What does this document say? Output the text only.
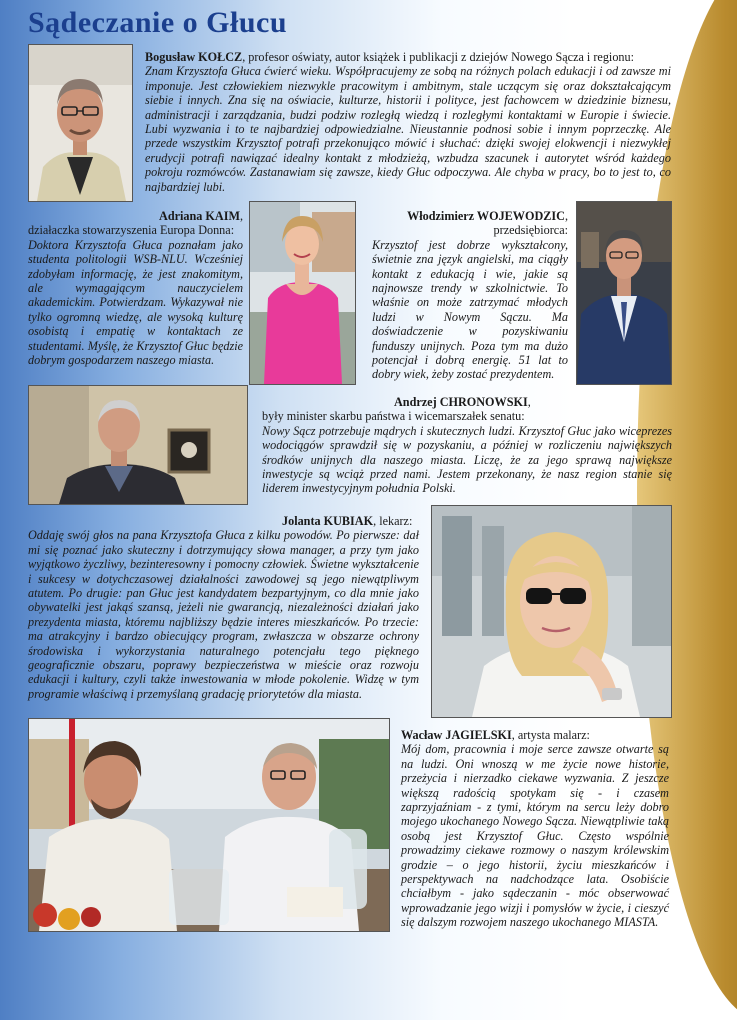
Sądeczanie o Głucu

Bogusław KOŁCZ, profesor oświaty, autor książek i publikacji z dziejów Nowego Sącza i regionu:

Znam Krzysztofa Głuca ćwierć wieku. Współpracujemy ze sobą na różnych polach edukacji i od zawsze mi imponuje. Jest człowiekiem niezwykle pracowitym i ambitnym, stale uczącym się oraz dokształcającym siebie i innych. Zna się na oświacie, kulturze, historii i polityce, jest fachowcem w dziedzinie biznesu, administracji i zarządzania, budzi podziw rozległą wiedzą i rozległymi kontaktami w Europie i świecie. Lubi wyzwania i to te najbardziej odpowiedzialne. Nieustannie podnosi sobie i innym poprzeczkę. Ale przede wszystkim Krzysztof potrafi przekonująco mówić i słuchać: dzięki swojej elokwencji i niezwykłej erudycji potrafi nawiązać idealny kontakt z młodzieżą, wzbudza szacunek i autorytet wśród każdego pokroju rozmówców. Zastanawiam się zawsze, kiedy Głuc odpoczywa. Ale chyba w pracy, bo to jest to, co najbardziej lubi.

Adriana KAIM,

działaczka stowarzyszenia Europa Donna:

Doktora Krzysztofa Głuca poznałam jako studenta politologii WSB-NLU. Wcześniej zdobyłam informację, że jest znakomitym, ale wymagającym nauczycielem akademickim. Potwierdzam. Wykazywał nie tylko ogromną wiedzę, ale wysoką kulturę osobistą i empatię w kontaktach ze studentami. Myślę, że Krzysztof Głuc będzie dobrym gospodarzem naszego miasta.

Włodzimierz WOJEWODZIC,

przedsiębiorca:

Krzysztof jest dobrze wykształcony, świetnie zna język angielski, ma ciągły kontakt z edukacją i wie, jakie są najnowsze trendy w szkolnictwie. To właśnie on może zatrzymać młodych ludzi w Nowym Sączu. Ma doświadczenie w pozyskiwaniu funduszy unijnych. Poza tym ma dużo potencjał i dobrą energię. 51 lat to dobry wiek, żeby zostać prezydentem.

Andrzej CHRONOWSKI,

były minister skarbu państwa i wicemarszałek senatu:

Nowy Sącz potrzebuje mądrych i skutecznych ludzi. Krzysztof Głuc jako wiceprezes wodociągów sprawdził się w pozyskaniu, a później w rozliczeniu największych środków unijnych dla naszego miasta. Liczę, że za jego sprawą największe inwestycje są wciąż przed nami. Jestem przekonany, że nasz region stanie się liderem inwestycyjnym południa Polski.

Jolanta KUBIAK, lekarz:

Oddaję swój głos na pana Krzysztofa Głuca z kilku powodów. Po pierwsze: dał mi się poznać jako skuteczny i dotrzymujący słowa manager, a przy tym jako wyjątkowo życzliwy, bezinteresowny i pomocny człowiek. Świetne wykształcenie i sukcesy w dotychczasowej działalności zawodowej są jego niewątpliwym atutem. Po drugie: pan Głuc jest kandydatem bezpartyjnym, co dla mnie jako obywatelki jest jakąś szansą, jeżeli nie gwarancją, niezależności działań jako prezydenta miasta, któremu najbliższy będzie interes mieszkańców. Po trzecie: ma atrakcyjny i bardzo obiecujący program, zwłaszcza w obszarze ochrony środowiska i wykorzystania naturalnego potencjału tego pięknego geograficznie obszaru, poprawy bezpieczeństwa w mieście oraz rozwoju edukacji i kultury, czyli także inwestowania w młode pokolenie. Widzę w tym programie właściwą i przemyślaną gradację priorytetów dla miasta.

Wacław JAGIELSKI, artysta malarz:

Mój dom, pracownia i moje serce zawsze otwarte są na ludzi. Oni wnoszą w me życie nowe historie, przeżycia i nierzadko ciekawe wyzwania. Z jeszcze większą radością spotykam się - i czasem zaprzyjaźniam - z tymi, którym na sercu leży dobro mojego ukochanego Nowego Sącza. Niewątpliwie taką osobą jest Krzysztof Głuc. Często wspólnie prowadzimy ciekawe rozmowy o naszym królewskim grodzie – o jego historii, życiu mieszkańców i perspektywach na nadchodzące lata. Osobiście chciałbym - jako sądeczanin - móc obserwować wprowadzanie jego wizji i pomysłów w życie, i cieszyć się dalszym rozwojem naszego ukochanego MIASTA.
